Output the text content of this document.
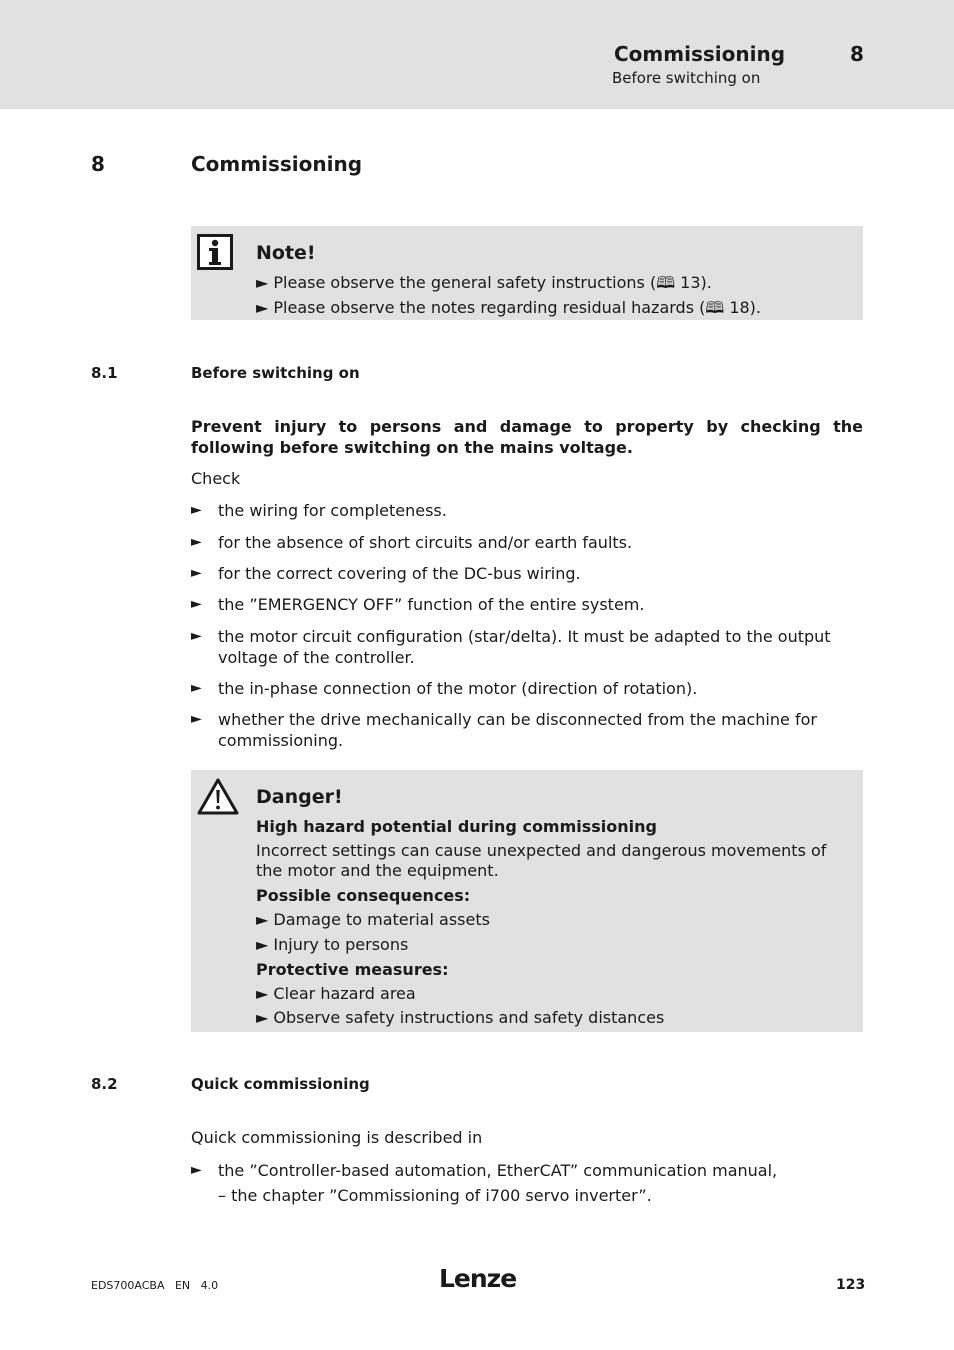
Commissioning	8
Before switching on
8	Commissioning
Note!
► Please observe the general safety instructions (🕮 13).
► Please observe the notes regarding residual hazards (🕮 18).
8.1	Before switching on
Prevent injury to persons and damage to property by checking the following before switching on the mains voltage.
Check
► the wiring for completeness.
► for the absence of short circuits and/or earth faults.
► for the correct covering of the DC-bus wiring.
► the ”EMERGENCY OFF” function of the entire system.
► the motor circuit configuration (star/delta). It must be adapted to the output voltage of the controller.
► the in-phase connection of the motor (direction of rotation).
► whether the drive mechanically can be disconnected from the machine for commissioning.
Danger!
High hazard potential during commissioning
Incorrect settings can cause unexpected and dangerous movements of the motor and the equipment.
Possible consequences:
► Damage to material assets
► Injury to persons
Protective measures:
► Clear hazard area
► Observe safety instructions and safety distances
8.2	Quick commissioning
Quick commissioning is described in
► the ”Controller-based automation, EtherCAT” communication manual,
– the chapter ”Commissioning of i700 servo inverter”.
EDS700ACBA   EN   4.0	Lenze	123
